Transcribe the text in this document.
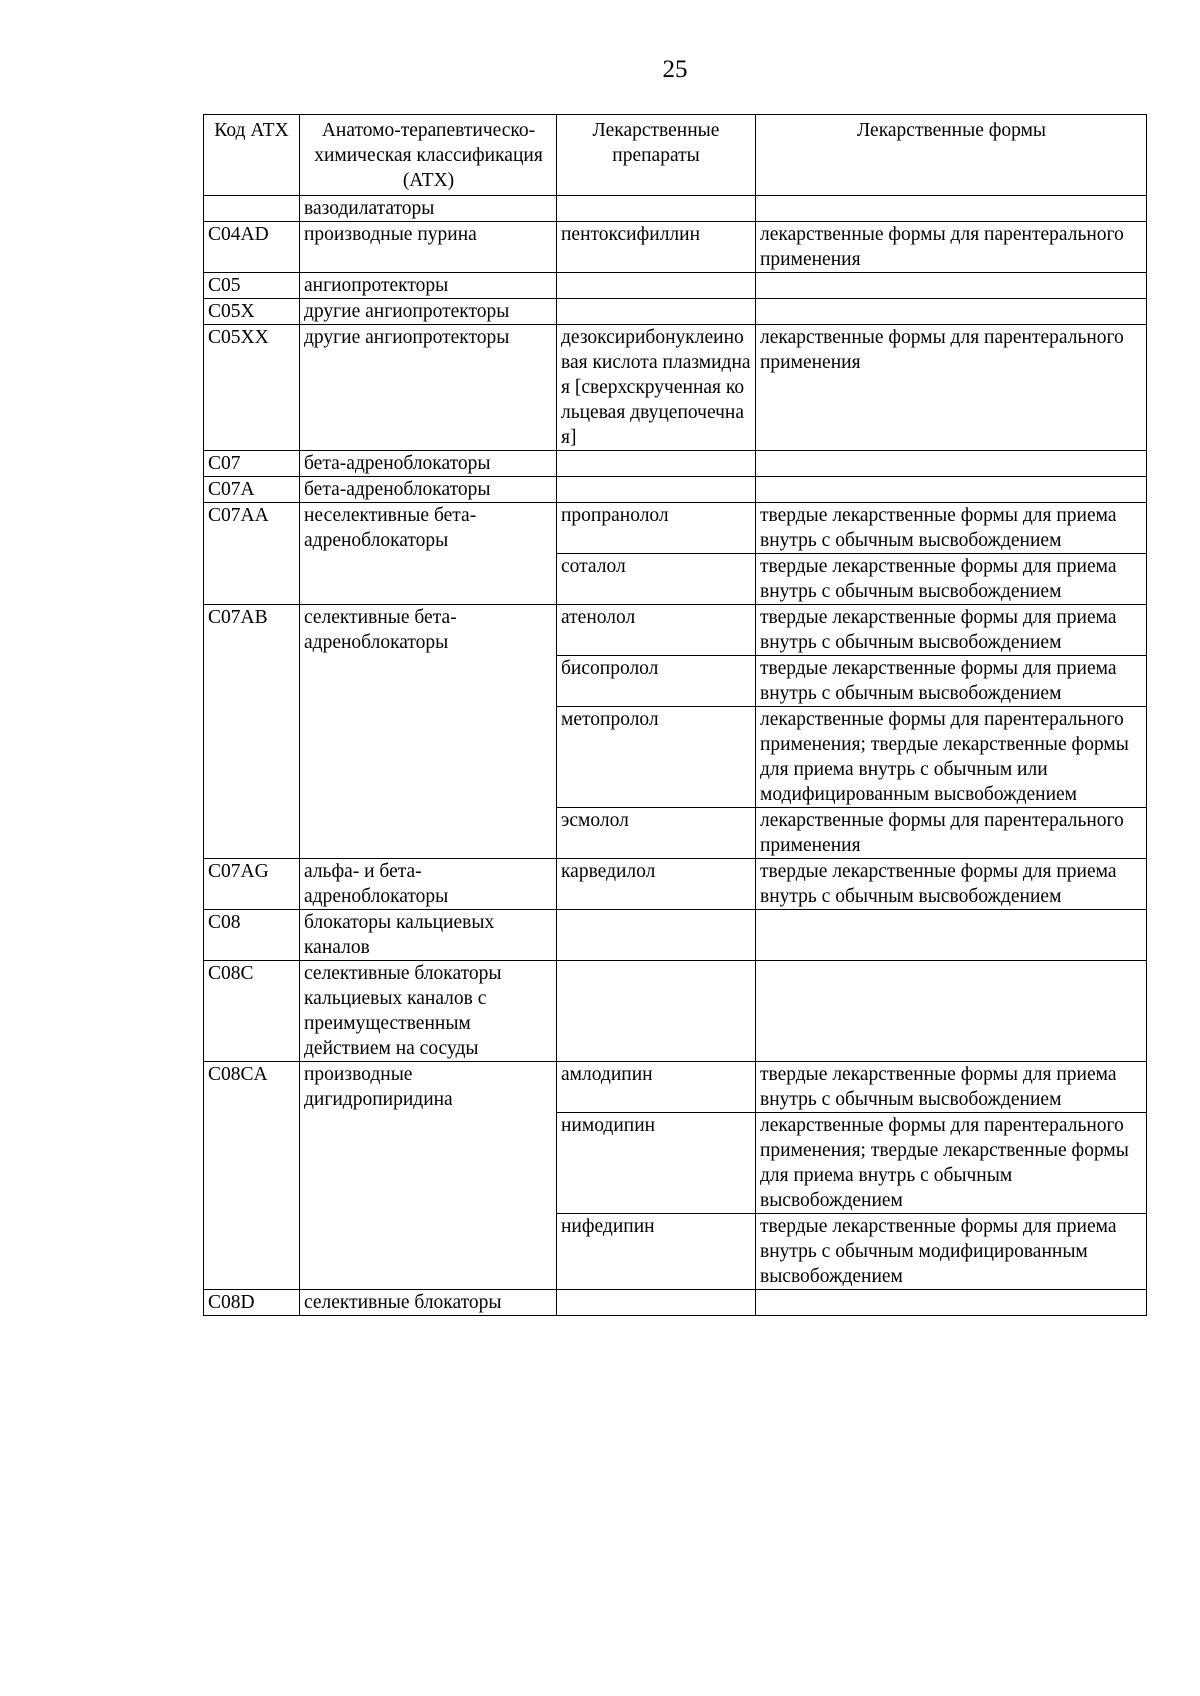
25
Код АТХ	Анатомо-терапевтическо-химическая классификация (АТХ)	Лекарственные препараты	Лекарственные формы
	вазодилататоры		
C04AD	производные пурина	пентоксифиллин	лекарственные формы для парентерального применения
C05	ангиопротекторы		
C05X	другие ангиопротекторы		
C05XX	другие ангиопротекторы	дезоксирибонуклеиновая кислота плазмидная [сверхскрученная кольцевая двуцепочечная]	лекарственные формы для парентерального применения
C07	бета-адреноблокаторы		
C07A	бета-адреноблокаторы		
C07AA	неселективные бета-адреноблокаторы	пропранолол	твердые лекарственные формы для приема внутрь с обычным высвобождением
		соталол	твердые лекарственные формы для приема внутрь с обычным высвобождением
C07AB	селективные бета-адреноблокаторы	атенолол	твердые лекарственные формы для приема внутрь с обычным высвобождением
		бисопролол	твердые лекарственные формы для приема внутрь с обычным высвобождением
		метопролол	лекарственные формы для парентерального применения; твердые лекарственные формы для приема внутрь с обычным или модифицированным высвобождением
		эсмолол	лекарственные формы для парентерального применения
C07AG	альфа- и бета-адреноблокаторы	карведилол	твердые лекарственные формы для приема внутрь с обычным высвобождением
C08	блокаторы кальциевых каналов		
C08C	селективные блокаторы кальциевых каналов с преимущественным действием на сосуды		
C08CA	производные дигидропиридина	амлодипин	твердые лекарственные формы для приема внутрь с обычным высвобождением
		нимодипин	лекарственные формы для парентерального применения; твердые лекарственные формы для приема внутрь с обычным высвобождением
		нифедипин	твердые лекарственные формы для приема внутрь с обычным модифицированным высвобождением
C08D	селективные блокаторы		
